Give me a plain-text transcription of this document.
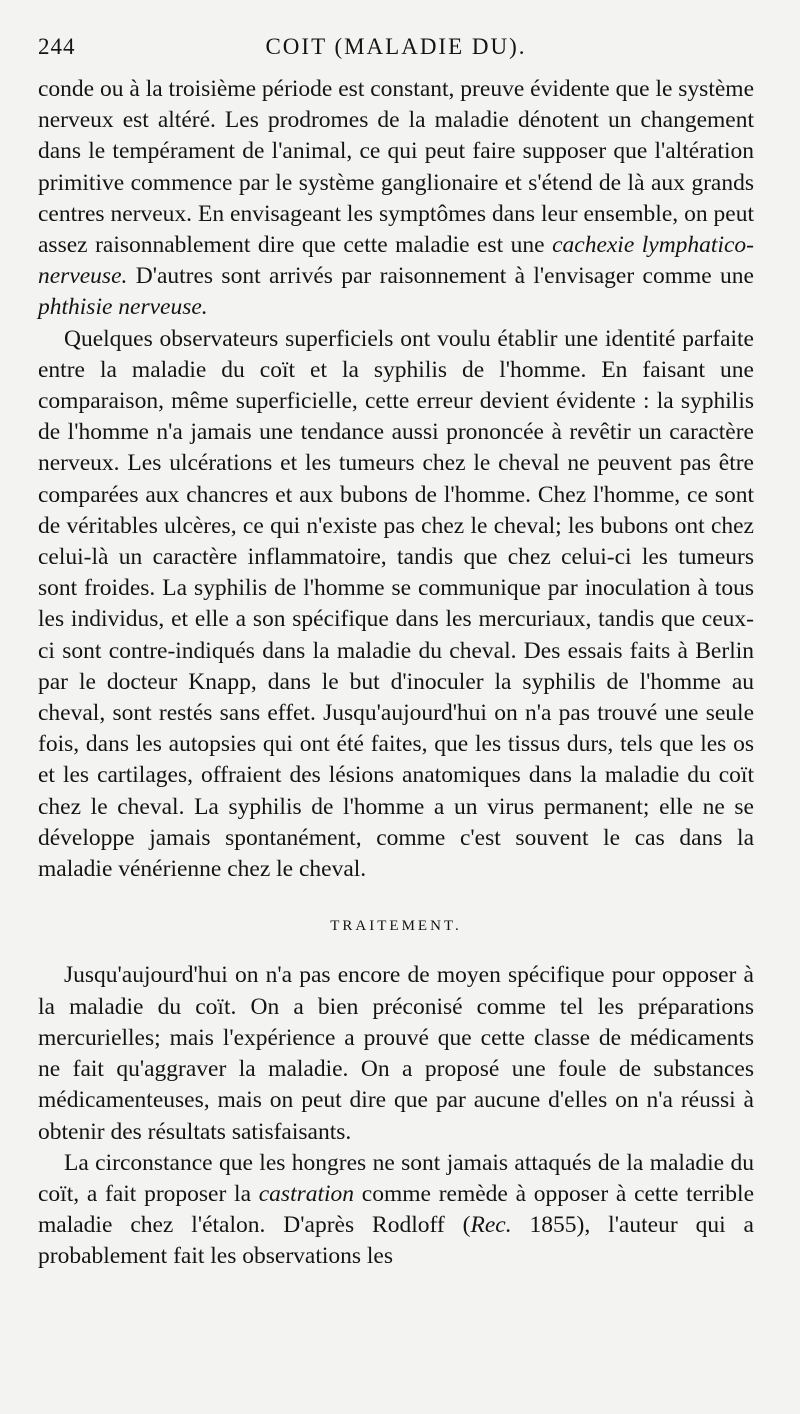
244	COIT (MALADIE DU).

conde ou à la troisième période est constant, preuve évidente que le système nerveux est altéré. Les prodromes de la maladie dénotent un changement dans le tempérament de l'animal, ce qui peut faire supposer que l'altération primitive commence par le système ganglionaire et s'étend de là aux grands centres nerveux. En envisageant les symptômes dans leur ensemble, on peut assez raisonnablement dire que cette maladie est une cachexie lymphatico-nerveuse. D'autres sont arrivés par raisonnement à l'envisager comme une phthisie nerveuse.

Quelques observateurs superficiels ont voulu établir une identité parfaite entre la maladie du coït et la syphilis de l'homme. En faisant une comparaison, même superficielle, cette erreur devient évidente : la syphilis de l'homme n'a jamais une tendance aussi prononcée à revêtir un caractère nerveux. Les ulcérations et les tumeurs chez le cheval ne peuvent pas être comparées aux chancres et aux bubons de l'homme. Chez l'homme, ce sont de véritables ulcères, ce qui n'existe pas chez le cheval; les bubons ont chez celui-là un caractère inflammatoire, tandis que chez celui-ci les tumeurs sont froides. La syphilis de l'homme se communique par inoculation à tous les individus, et elle a son spécifique dans les mercuriaux, tandis que ceux-ci sont contre-indiqués dans la maladie du cheval. Des essais faits à Berlin par le docteur Knapp, dans le but d'inoculer la syphilis de l'homme au cheval, sont restés sans effet. Jusqu'aujourd'hui on n'a pas trouvé une seule fois, dans les autopsies qui ont été faites, que les tissus durs, tels que les os et les cartilages, offraient des lésions anatomiques dans la maladie du coït chez le cheval. La syphilis de l'homme a un virus permanent; elle ne se développe jamais spontanément, comme c'est souvent le cas dans la maladie vénérienne chez le cheval.

TRAITEMENT.

Jusqu'aujourd'hui on n'a pas encore de moyen spécifique pour opposer à la maladie du coït. On a bien préconisé comme tel les préparations mercurielles; mais l'expérience a prouvé que cette classe de médicaments ne fait qu'aggraver la maladie. On a proposé une foule de substances médicamenteuses, mais on peut dire que par aucune d'elles on n'a réussi à obtenir des résultats satisfaisants.

La circonstance que les hongres ne sont jamais attaqués de la maladie du coït, a fait proposer la castration comme remède à opposer à cette terrible maladie chez l'étalon. D'après Rodloff (Rec. 1855), l'auteur qui a probablement fait les observations les
